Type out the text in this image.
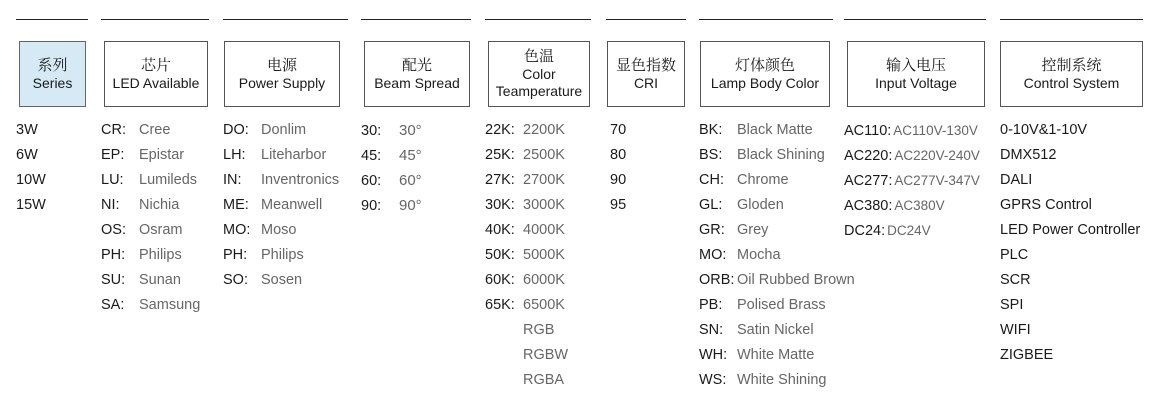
系列
Series
3W
6W
10W
15W
芯片
LED Available
CR: Cree
EP: Epistar
LU: Lumileds
NI: Nichia
OS: Osram
PH: Philips
SU: Sunan
SA: Samsung
电源
Power Supply
DO: Donlim
LH: Liteharbor
IN: Inventronics
ME: Meanwell
MO: Moso
PH: Philips
SO: Sosen
配光
Beam Spread
30: 30°
45: 45°
60: 60°
90: 90°
色温
Color Teamperature
22K: 2200K
25K: 2500K
27K: 2700K
30K: 3000K
40K: 4000K
50K: 5000K
60K: 6000K
65K: 6500K
RGB
RGBW
RGBA
显色指数
CRI
70
80
90
95
灯体颜色
Lamp Body Color
BK: Black Matte
BS: Black Shining
CH: Chrome
GL: Gloden
GR: Grey
MO: Mocha
ORB: Oil Rubbed Brown
PB: Polised Brass
SN: Satin Nickel
WH: White Matte
WS: White Shining
输入电压
Input Voltage
AC110: AC110V-130V
AC220: AC220V-240V
AC277: AC277V-347V
AC380: AC380V
DC24: DC24V
控制系统
Control System
0-10V&1-10V
DMX512
DALI
GPRS Control
LED Power Controller
PLC
SCR
SPI
WIFI
ZIGBEE
